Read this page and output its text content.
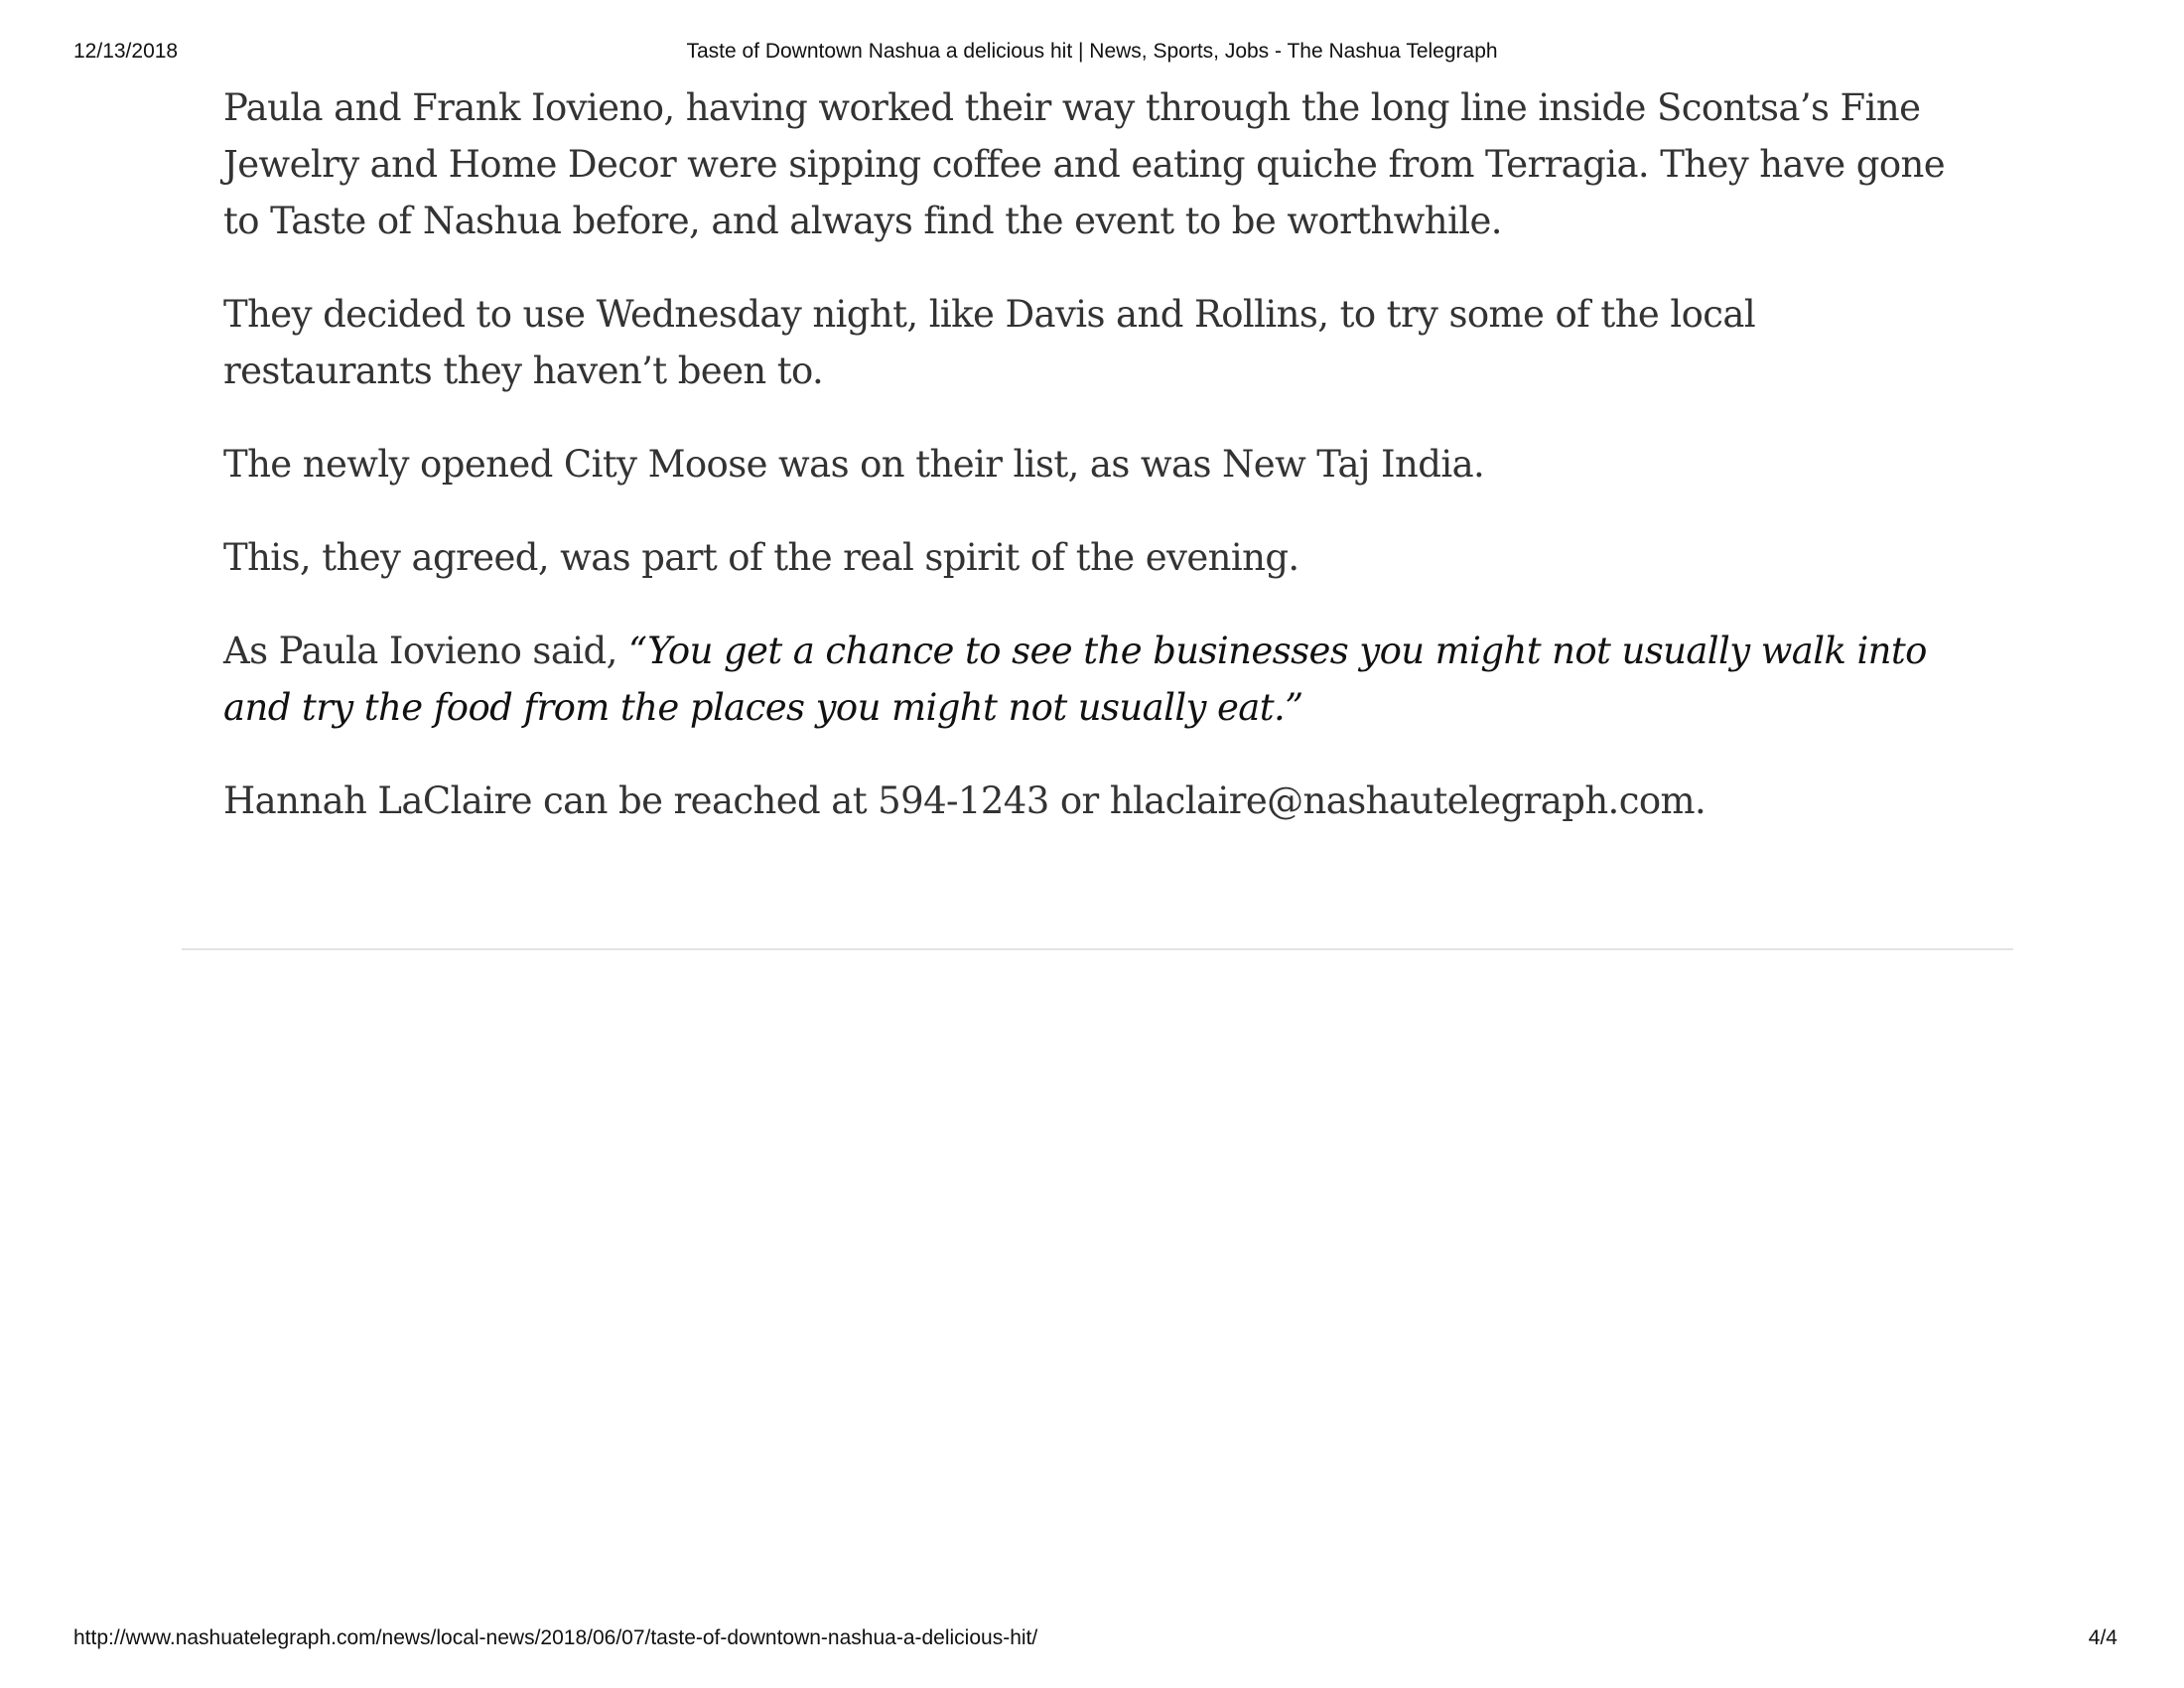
12/13/2018	Taste of Downtown Nashua a delicious hit | News, Sports, Jobs - The Nashua Telegraph

Paula and Frank Iovieno, having worked their way through the long line inside Scontsa’s Fine Jewelry and Home Decor were sipping coffee and eating quiche from Terragia. They have gone to Taste of Nashua before, and always find the event to be worthwhile.

They decided to use Wednesday night, like Davis and Rollins, to try some of the local restaurants they haven’t been to.

The newly opened City Moose was on their list, as was New Taj India.

This, they agreed, was part of the real spirit of the evening.

As Paula Iovieno said, “You get a chance to see the businesses you might not usually walk into and try the food from the places you might not usually eat.”

Hannah LaClaire can be reached at 594-1243 or hlaclaire@nashautelegraph.com.

http://www.nashuatelegraph.com/news/local-news/2018/06/07/taste-of-downtown-nashua-a-delicious-hit/	4/4
